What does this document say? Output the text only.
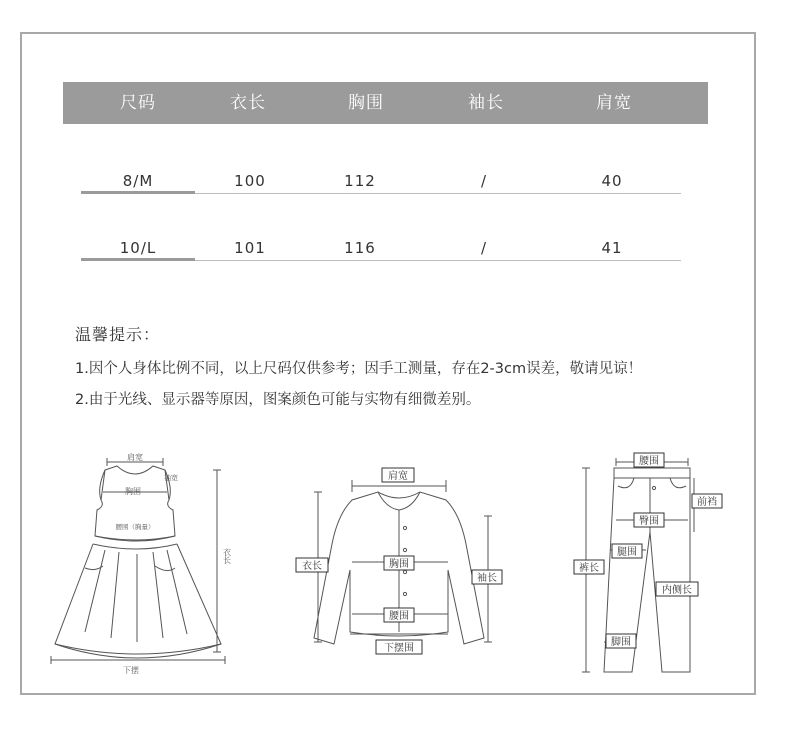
尺码	衣长	胸围	袖长	肩宽
8/M	100	112	/	40
10/L	101	116	/	41
温馨提示：
1.因个人身体比例不同，以上尺码仅供参考；因手工测量，存在2-3cm误差，敬请见谅！
2.由于光线、显示器等原因，图案颜色可能与实物有细微差别。
肩宽
胸围
腰围（胸量）
袖宽
衣长
下摆
肩宽
衣长	胸围
袖长
腰围
下摆围
腰围
前裆
臀围
腿围
裤长
内侧长
脚围
